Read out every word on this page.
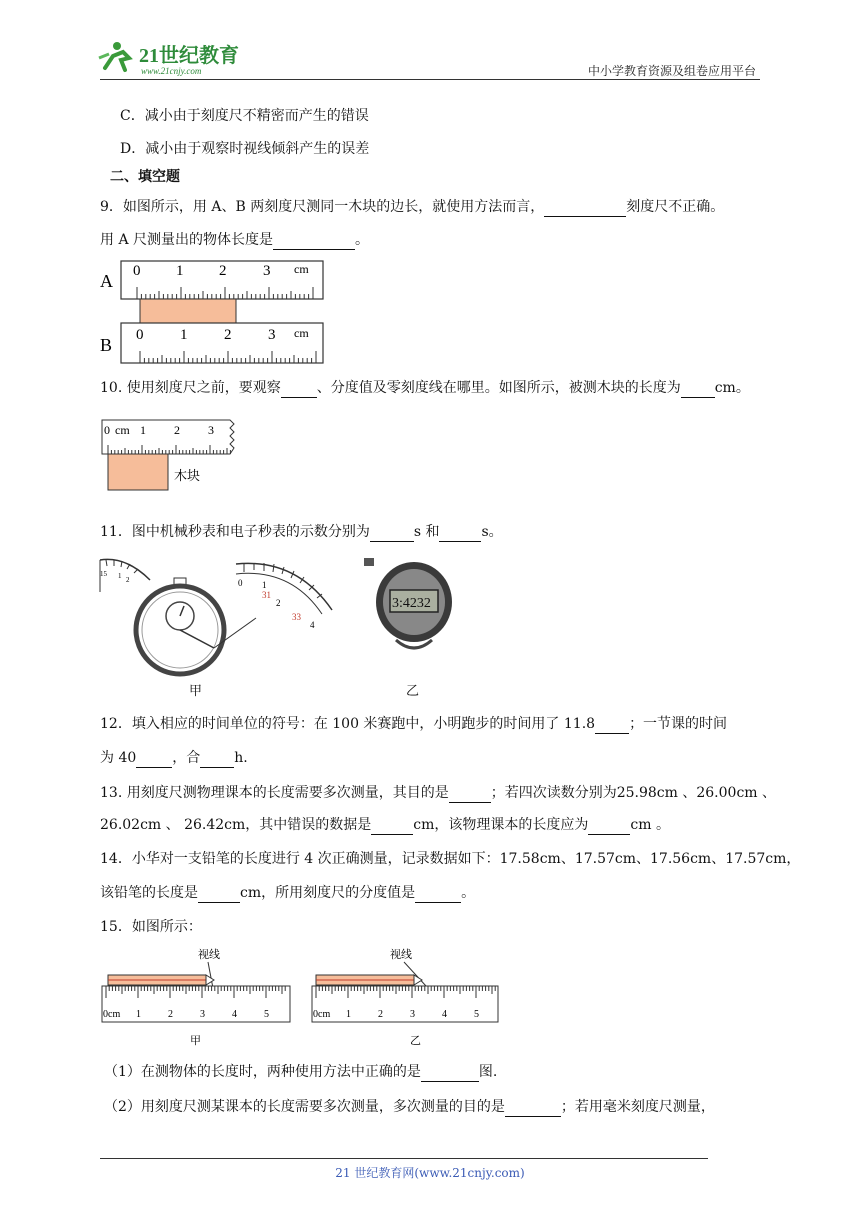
21世纪教育
www.21cnjy.com	中小学教育资源及组卷应用平台
C．减小由于刻度尺不精密而产生的错误
D．减小由于观察时视线倾斜产生的误差
二、填空题
9．如图所示，用 A、B 两刻度尺测同一木块的边长，就使用方法而言，	刻度尺不正确。
用 A 尺测量出的物体长度是	。
A
B
0 1 2 3 cm
0 1 2 3 cm
10. 使用刻度尺之前，要观察	、分度值及零刻度线在哪里。如图所示，被测木块的长度为 cm。
0 cm 1 2 3
木块
11．图中机械秒表和电子秒表的示数分别为	s 和	s。
15 1 2	0
31
1
2
33
4
3:4232
甲	乙
12．填入相应的时间单位的符号：在 100 米赛跑中，小明跑步的时间用了 11.8 ；一节课的时间
为 40	，合 h.
13. 用刻度尺测物理课本的长度需要多次测量，其目的是	；若四次读数分别为25.98cm 、26.00cm 、
26.02cm 、 26.42cm，其中错误的数据是	cm，该物理课本的长度应为	cm 。
14．小华对一支铅笔的长度进行 4 次正确测量，记录数据如下：17.58cm、17.57cm、17.56cm、17.57cm，
该铅笔的长度是	cm，所用刻度尺的分度值是	。
15．如图所示：
视线
0cm 1	2	3	4	5
甲
视线
0cm 1	2	3	4	5
乙
（1）在测物体的长度时，两种使用方法中正确的是	图.
（2）用刻度尺测某课本的长度需要多次测量，多次测量的目的是	；若用毫米刻度尺测量，
21 世纪教育网(www.21cnjy.com)
